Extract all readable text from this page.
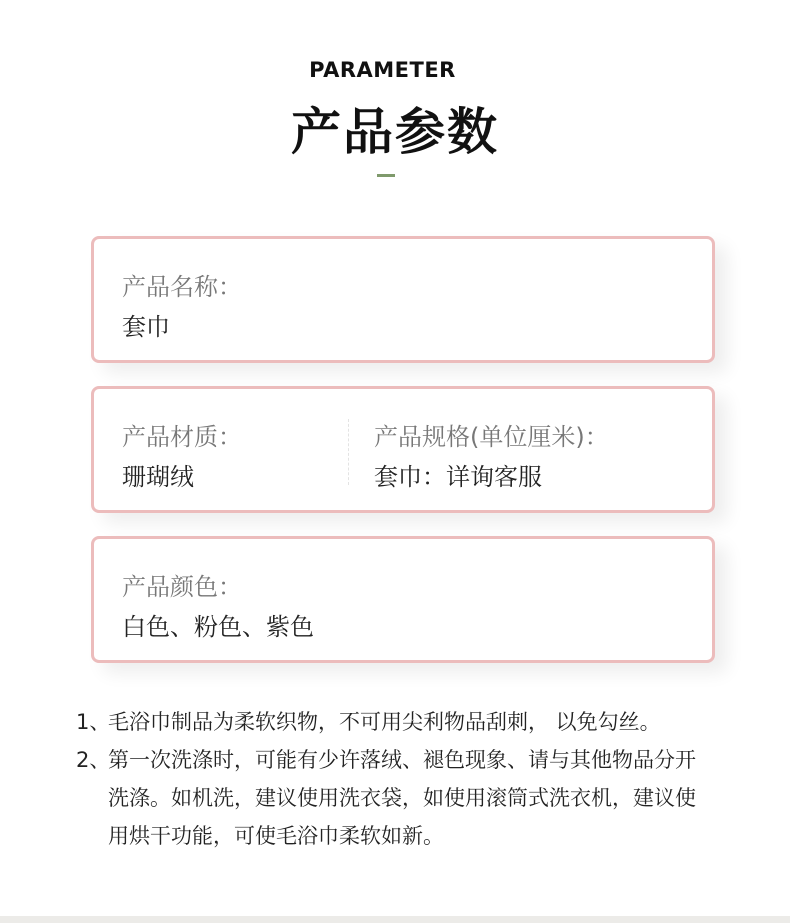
PARAMETER
产品参数
产品名称：
套巾
产品材质：
珊瑚绒
产品规格(单位厘米)：
套巾：详询客服
产品颜色：
白色、粉色、紫色
1、
毛浴巾制品为柔软织物，不可用尖利物品刮刺， 以免勾丝。
2、
第一次洗涤时，可能有少许落绒、褪色现象、请与其他物品分开
洗涤。如机洗，建议使用洗衣袋，如使用滚筒式洗衣机，建议使
用烘干功能，可使毛浴巾柔软如新。
